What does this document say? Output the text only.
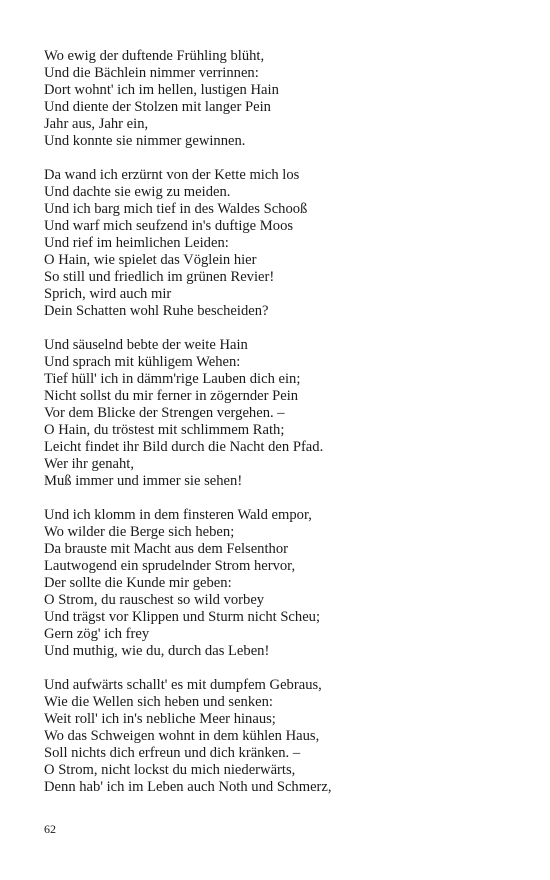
Wo ewig der duftende Frühling blüht,
Und die Bächlein nimmer verrinnen:
Dort wohnt' ich im hellen, lustigen Hain
Und diente der Stolzen mit langer Pein
Jahr aus, Jahr ein,
Und konnte sie nimmer gewinnen.
Da wand ich erzürnt von der Kette mich los
Und dachte sie ewig zu meiden.
Und ich barg mich tief in des Waldes Schooß
Und warf mich seufzend in's duftige Moos
Und rief im heimlichen Leiden:
O Hain, wie spielet das Vöglein hier
So still und friedlich im grünen Revier!
Sprich, wird auch mir
Dein Schatten wohl Ruhe bescheiden?
Und säuselnd bebte der weite Hain
Und sprach mit kühligem Wehen:
Tief hüll' ich in dämm'rige Lauben dich ein;
Nicht sollst du mir ferner in zögernder Pein
Vor dem Blicke der Strengen vergehen. –
O Hain, du tröstest mit schlimmem Rath;
Leicht findet ihr Bild durch die Nacht den Pfad.
Wer ihr genaht,
Muß immer und immer sie sehen!
Und ich klomm in dem finsteren Wald empor,
Wo wilder die Berge sich heben;
Da brauste mit Macht aus dem Felsenthor
Lautwogend ein sprudelnder Strom hervor,
Der sollte die Kunde mir geben:
O Strom, du rauschest so wild vorbey
Und trägst vor Klippen und Sturm nicht Scheu;
Gern zög' ich frey
Und muthig, wie du, durch das Leben!
Und aufwärts schallt' es mit dumpfem Gebraus,
Wie die Wellen sich heben und senken:
Weit roll' ich in's nebliche Meer hinaus;
Wo das Schweigen wohnt in dem kühlen Haus,
Soll nichts dich erfreun und dich kränken. –
O Strom, nicht lockst du mich niederwärts,
Denn hab' ich im Leben auch Noth und Schmerz,
62
